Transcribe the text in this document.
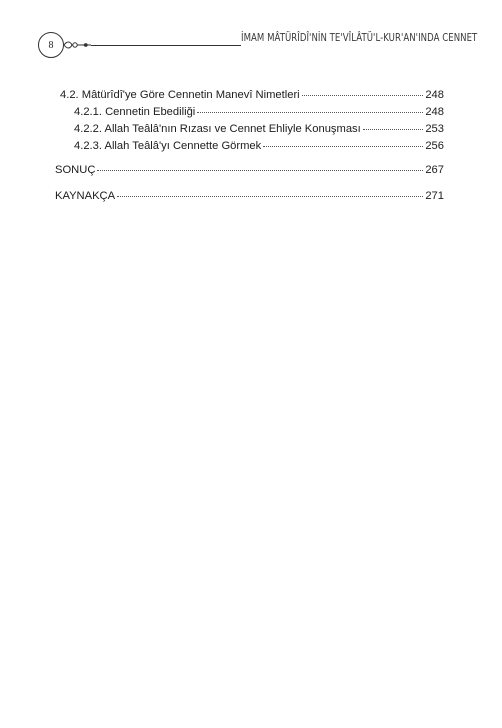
8
İMAM MÂTÜRÎDÎ'NİN TE'VÎLÂTÜ'L-KUR'AN'INDA CENNET
4.2. Mâtürîdî'ye Göre Cennetin Manevî Nimetleri	248
4.2.1. Cennetin Ebediliği	248
4.2.2. Allah Teâlâ'nın Rızası ve Cennet Ehliyle Konuşması	253
4.2.3. Allah Teâlâ'yı Cennette Görmek	256
SONUÇ	267
KAYNAKÇA	271
